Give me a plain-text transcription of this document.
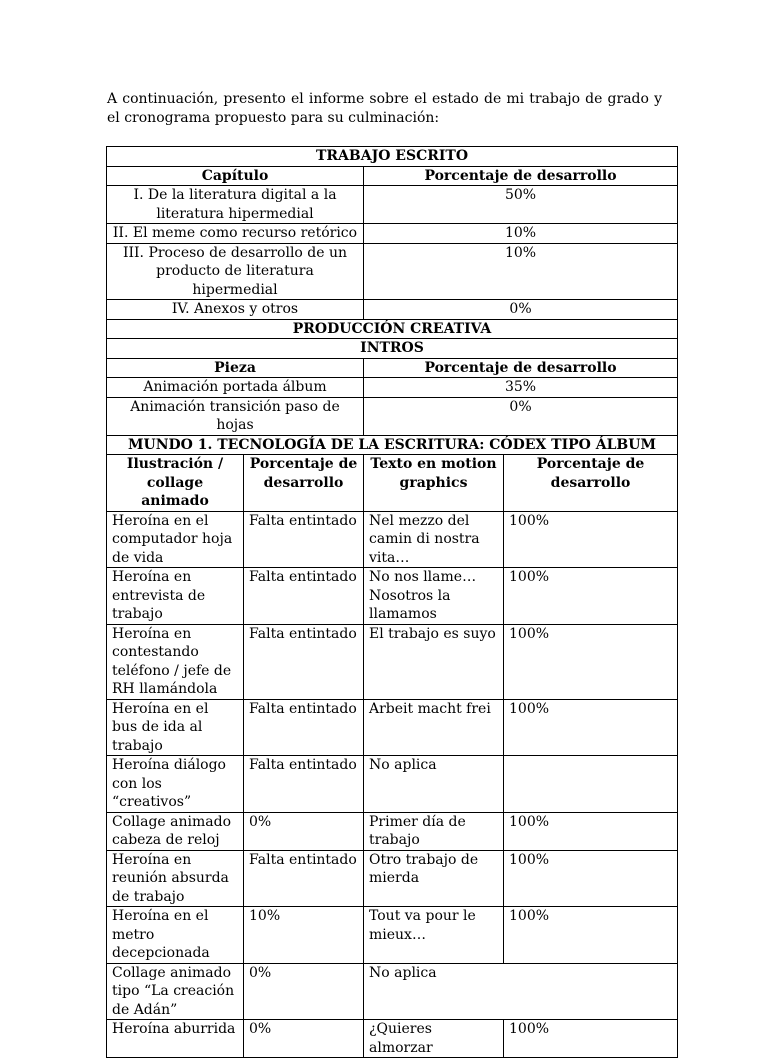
A continuación, presento el informe sobre el estado de mi trabajo de grado y el cronograma propuesto para su culminación:

TRABAJO ESCRITO			
Capítulo		Porcentaje de desarrollo	
I. De la literatura digital a la literatura hipermedial		50%	
II. El meme como recurso retórico		10%	
III. Proceso de desarrollo de un producto de literatura hipermedial		10%	
IV. Anexos y otros		0%	
PRODUCCIÓN CREATIVA			
INTROS			
Pieza		Porcentaje de desarrollo	
Animación portada álbum		35%	
Animación transición paso de hojas		0%	
MUNDO 1. TECNOLOGÍA DE LA ESCRITURA: CÓDEX TIPO ÁLBUM			
Ilustración / collage animado	Porcentaje de desarrollo	Texto en motion graphics	Porcentaje de desarrollo
Heroína en el computador hoja de vida	Falta entintado	Nel mezzo del camin di nostra vita…	100%
Heroína en entrevista de trabajo	Falta entintado	No nos llame… Nosotros la llamamos	100%
Heroína en contestando teléfono / jefe de RH llamándola	Falta entintado	El trabajo es suyo	100%
Heroína en el bus de ida al trabajo	Falta entintado	Arbeit macht frei	100%
Heroína diálogo con los “creativos”	Falta entintado	No aplica	
Collage animado cabeza de reloj	0%	Primer día de trabajo	100%
Heroína en reunión absurda de trabajo	Falta entintado	Otro trabajo de mierda	100%
Heroína en el metro decepcionada	10%	Tout va pour le mieux…	100%
Collage animado tipo “La creación de Adán”	0%	No aplica	
Heroína aburrida	0%	¿Quieres almorzar	100%
